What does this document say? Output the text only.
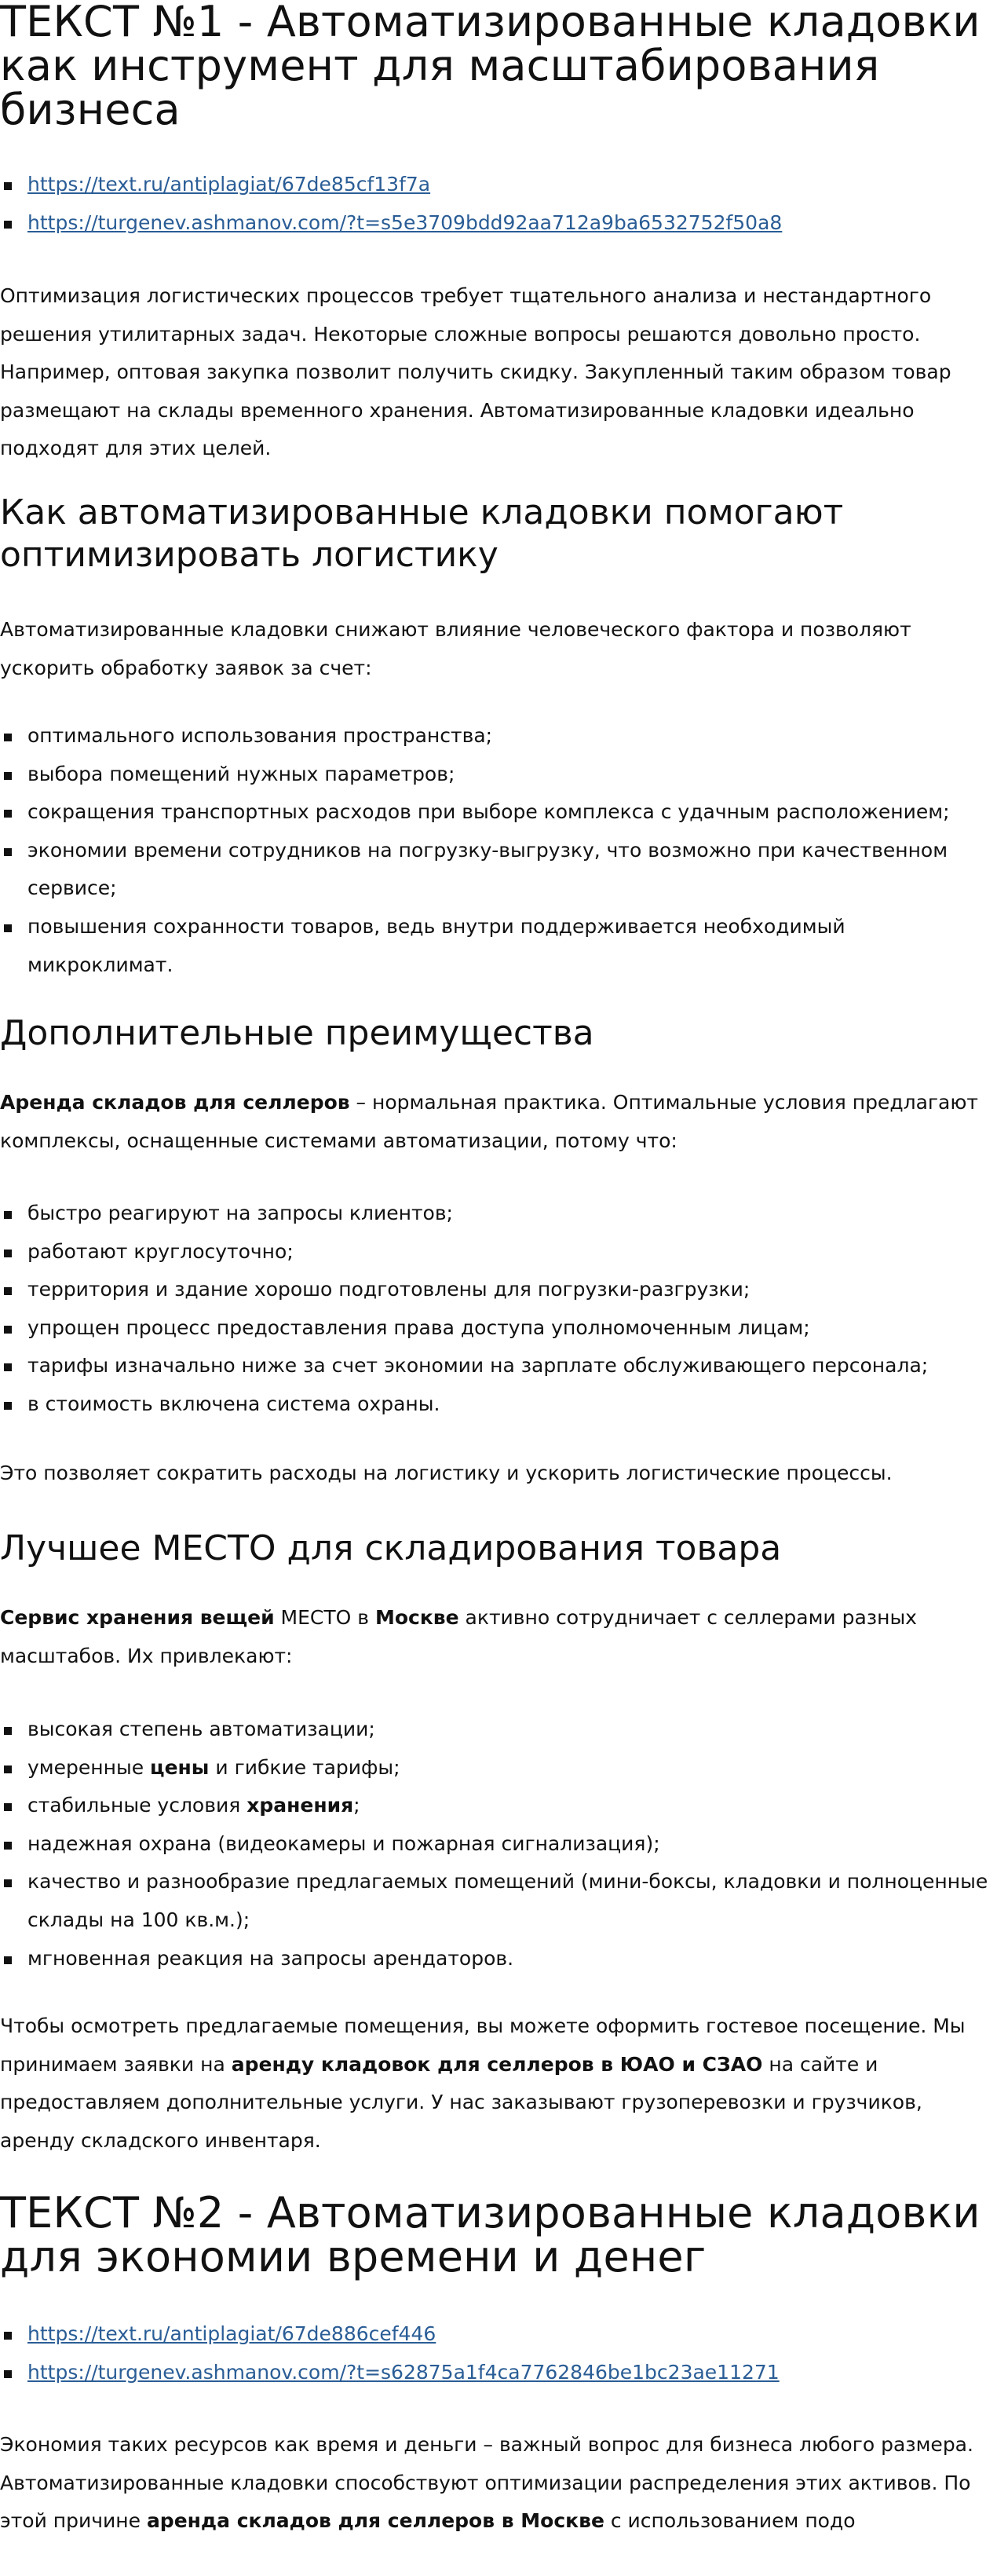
ТЕКСТ №1 - Автоматизированные кладовки как инструмент для масштабирования бизнеса
https://text.ru/antiplagiat/67de85cf13f7a
https://turgenev.ashmanov.com/?t=s5e3709bdd92aa712a9ba6532752f50a8

Оптимизация логистических процессов требует тщательного анализа и нестандартного решения утилитарных задач. Некоторые сложные вопросы решаются довольно просто. Например, оптовая закупка позволит получить скидку. Закупленный таким образом товар размещают на склады временного хранения. Автоматизированные кладовки идеально подходят для этих целей.

Как автоматизированные кладовки помогают оптимизировать логистику

Автоматизированные кладовки снижают влияние человеческого фактора и позволяют ускорить обработку заявок за счет:

оптимального использования пространства;
выбора помещений нужных параметров;
сокращения транспортных расходов при выборе комплекса с удачным расположением;
экономии времени сотрудников на погрузку-выгрузку, что возможно при качественном сервисе;
повышения сохранности товаров, ведь внутри поддерживается необходимый микроклимат.
Дополнительные преимущества

Аренда складов для селлеров – нормальная практика. Оптимальные условия предлагают комплексы, оснащенные системами автоматизации, потому что:

быстро реагируют на запросы клиентов;
работают круглосуточно;
территория и здание хорошо подготовлены для погрузки-разгрузки;
упрощен процесс предоставления права доступа уполномоченным лицам;
тарифы изначально ниже за счет экономии на зарплате обслуживающего персонала;
в стоимость включена система охраны.

Это позволяет сократить расходы на логистику и ускорить логистические процессы.

Лучшее МЕСТО для складирования товара

Сервис хранения вещей МЕСТО в Москве активно сотрудничает с селлерами разных масштабов. Их привлекают:

высокая степень автоматизации;
умеренные цены и гибкие тарифы;
стабильные условия хранения;
надежная охрана (видеокамеры и пожарная сигнализация);
качество и разнообразие предлагаемых помещений (мини-боксы, кладовки и полноценные склады на 100 кв.м.);
мгновенная реакция на запросы арендаторов.

Чтобы осмотреть предлагаемые помещения, вы можете оформить гостевое посещение. Мы принимаем заявки на аренду кладовок для селлеров в ЮАО и СЗАО на сайте и предоставляем дополнительные услуги. У нас заказывают грузоперевозки и грузчиков, аренду складского инвентаря.

ТЕКСТ №2 - Автоматизированные кладовки для экономии времени и денег
https://text.ru/antiplagiat/67de886cef446
https://turgenev.ashmanov.com/?t=s62875a1f4ca7762846be1bc23ae11271

Экономия таких ресурсов как время и деньги – важный вопрос для бизнеса любого размера. Автоматизированные кладовки способствуют оптимизации распределения этих активов. По этой причине аренда складов для селлеров в Москве с использованием подо
